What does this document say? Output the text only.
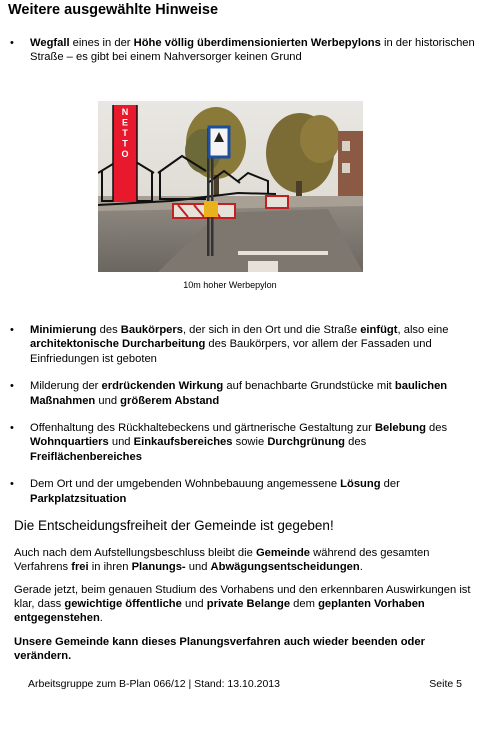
Weitere ausgewählte Hinweise
•	Wegfall eines in der Höhe völlig überdimensionierten Werbepylons in der historischen Straße – es gibt bei einem Nahversorger keinen Grund
N E T T O
10m hoher Werbepylon
•	Minimierung des Baukörpers, der sich in den Ort und die Straße einfügt, also eine architektonische Durcharbeitung des Baukörpers, vor allem der Fassaden und Einfriedungen ist geboten
•	Milderung der erdrückenden Wirkung auf benachbarte Grundstücke mit baulichen Maßnahmen und größerem Abstand
•	Offenhaltung des Rückhaltebeckens und gärtnerische Gestaltung zur Belebung des Wohnquartiers und Einkaufsbereiches sowie Durchgrünung des Freiflächenbereiches
•	Dem Ort und der umgebenden Wohnbebauung angemessene Lösung der Parkplatzsituation
Die Entscheidungsfreiheit der Gemeinde ist gegeben!
Auch nach dem Aufstellungsbeschluss bleibt die Gemeinde während des gesamten Verfahrens frei in ihren Planungs- und Abwägungsentscheidungen.
Gerade jetzt, beim genauen Studium des Vorhabens und den erkennbaren Auswirkungen ist klar, dass gewichtige öffentliche und private Belange dem geplanten Vorhaben entgegenstehen.
Unsere Gemeinde kann dieses Planungsverfahren auch wieder beenden oder verändern.
Arbeitsgruppe zum B-Plan 066/12 | Stand: 13.10.2013	Seite 5
